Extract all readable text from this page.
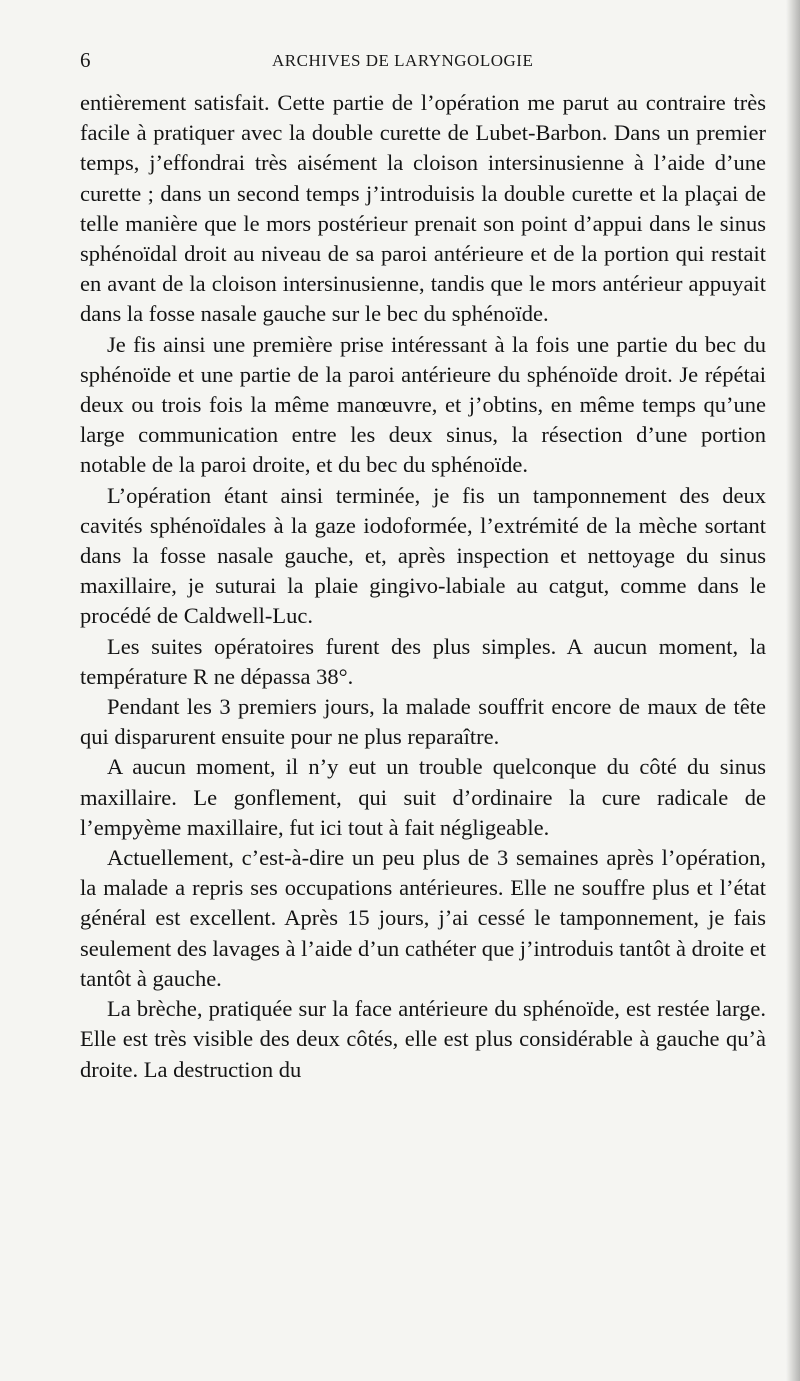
6	ARCHIVES DE LARYNGOLOGIE

entièrement satisfait. Cette partie de l’opération me parut au contraire très facile à pratiquer avec la double curette de Lubet-Barbon. Dans un premier temps, j’effondrai très aisément la cloison intersinusienne à l’aide d’une curette ; dans un second temps j’introduisis la double curette et la plaçai de telle manière que le mors postérieur prenait son point d’appui dans le sinus sphénoïdal droit au niveau de sa paroi antérieure et de la portion qui restait en avant de la cloison intersinusienne, tandis que le mors antérieur appuyait dans la fosse nasale gauche sur le bec du sphénoïde.

Je fis ainsi une première prise intéressant à la fois une partie du bec du sphénoïde et une partie de la paroi antérieure du sphénoïde droit. Je répétai deux ou trois fois la même manœuvre, et j’obtins, en même temps qu’une large communication entre les deux sinus, la résection d’une portion notable de la paroi droite, et du bec du sphénoïde.

L’opération étant ainsi terminée, je fis un tamponnement des deux cavités sphénoïdales à la gaze iodoformée, l’extrémité de la mèche sortant dans la fosse nasale gauche, et, après inspection et nettoyage du sinus maxillaire, je suturai la plaie gingivo-labiale au catgut, comme dans le procédé de Caldwell-Luc.

Les suites opératoires furent des plus simples. A aucun moment, la température R ne dépassa 38°.

Pendant les 3 premiers jours, la malade souffrit encore de maux de tête qui disparurent ensuite pour ne plus reparaître.

A aucun moment, il n’y eut un trouble quelconque du côté du sinus maxillaire. Le gonflement, qui suit d’ordinaire la cure radicale de l’empyème maxillaire, fut ici tout à fait négligeable.

Actuellement, c’est-à-dire un peu plus de 3 semaines après l’opération, la malade a repris ses occupations antérieures. Elle ne souffre plus et l’état général est excellent. Après 15 jours, j’ai cessé le tamponnement, je fais seulement des lavages à l’aide d’un cathéter que j’introduis tantôt à droite et tantôt à gauche.

La brèche, pratiquée sur la face antérieure du sphénoïde, est restée large. Elle est très visible des deux côtés, elle est plus considérable à gauche qu’à droite. La destruction du
